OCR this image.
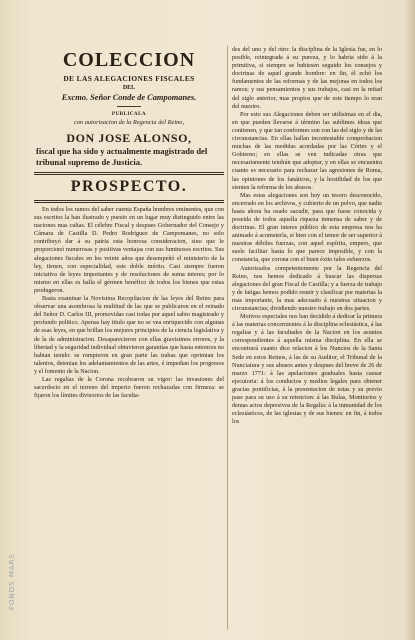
COLECCION
DE LAS ALEGACIONES FISCALES
DEL
Excmo. Señor Conde de Campomanes.
PUBLICALA
con autorizacion de la Regencia del Reino,
DON JOSE ALONSO,
fiscal que ha sido y actualmente magistrado del tribunal supremo de Justicia.
PROSPECTO.

En todos los ramos del saber cuenta España hombres eminentes, que con sus escritos la han ilustrado y puesto en un lugar muy distinguido entre las naciones mas cultas. El célebre Fiscal y despues Gobernador del Consejo y Cámara de Castilla D. Pedro Rodriguez de Campomanes, no solo contribuyó dar á su patria esta honrosa consideracion, sino que le proporcionó numerosas y positivas ventajas con sus luminosos escritos. Sus alegaciones fiscales en los veinte años que desempeñó el ministerio de la ley, tienen, con especialidad, este doble mérito. Casi siempre fueron iniciativa de leyes importantes y de resoluciones de suma interes; por lo mismo en ellas es halla el gérmen benéfico de todos los bienes que estas produgeron.

Basta examinar la Novisima Recopilacion de las leyes del Reino para observar una asombrosa la multitud de las que se publicaron en el reinado del Señor D. Carlos III, promovidas casi todas por aquel sabio magistrado y profundo politico. Apenas hay titulo que no se vea enriquecido con algunas de esas leyes, en que brillan los mejores principios de la ciencia legislativa y de la de administracion. Desaparecieron con ellas gravisimos errores, y la libertad y la seguridad individual obtuvieron garantías que hasta entonces no habian tenido: se rompieron en gran parte las trabas que oprimian los talentos, detenian los adelantamientos de las artes, é impedian los progresos y el fomento de la Nacion.

Las regalias de la Corona recobraron su vigor: las invasiones del sacerdocio en el terreno del imperio fueron rechazadas con firmeza: se fijaron los límites divisorios de las faculta-

des del uno y del otro: la disciplina de la Iglesia fue, en lo posible, reintegrada á su pureza, y lo habria sido á la primitiva, si siempre se hubiesen seguido los consejos y doctrinas de aquel grande hombre: en fin, él echó los fundamentos de las reformas y de las mejoras en todos los ramos; y sus pensamientos y sus trabajos, casi en la mitad del siglo anterior, mas propios que de este tiempo lo eran del nuestro.

Por esto sus Alegaciones deben ser utilisimas en el dia, en que pueden llevarse á término las sublimes ideas que contienen, y que tan conformes son con las del siglo y de las circunstancias. En ellas hallan incontestable comprobacion muchas de las medidas acordadas por las Córtes y el Gobierno; en ellas se ven indicadas otras que necesariamente tendrán que adoptar, y en ellas se encuentra cuanto es necesario para rechazar las agresiones de Roma, las opiniones de los fanáticos, y la hostilidad de los que sienten la reforma de los abusos.

Mas estas alegaciones son hoy un tesoro desconocido, encerrado en los archivos, y cubierto de un polvo, que nadie hasta ahora ha osado sacudir, para que fuese conocida y poseida de todos aquella riqueza inmensa de saber y de doctrinas. El gran interes público de esta empresa nos ha animado á acometerla, si bien con el temor de ser superior á nuestras débiles fuerzas, con aquel espíritu, empero, que suele facilitar hasta lo que parece imposible, y con la constancia, que corona con el buen éxito tales esfuerzos.

Autorizados competentemente por la Regencia del Reino, nos hemos dedicado á buscar las dispersas alegaciones del gran Fiscal de Castilla; y a fuerza de trabajo y de fatigas hemos podido reunir y clasificar por materias la mas importante, la mas adecuado á nuestras situacion y circunstancias; dividiendo nuestro trabajo en dos partes.

Motivos especiales nos han decidido á dedicar la primera á las materias concernientes á la disciplina eclesiástica, á las regalias y á las facultades de la Nacion en los asuntos correspondientes á aquella misma disciplina. En ella se encontrará cuanto dice relacion á los Nuncios de la Santa Sede en estos Reinos, á las de su Auditor, el Tribunal de la Nunciatura y sus abusos antes y despues del breve de 26 de marzo 1771: á las apelaciones graduales hasta causar ejecutoria: á los conductos y medios legales para obtener gracias pontificias, á la presentacion de estas y su previo pase para su uso á su retencion: á las Bulas, Monitorios y demas actos depresivos de la Regalia: á la inmunidad de los eclesiásticos, de las iglesias y de sus bienes: en fin, á todos los

FONDS MARS
